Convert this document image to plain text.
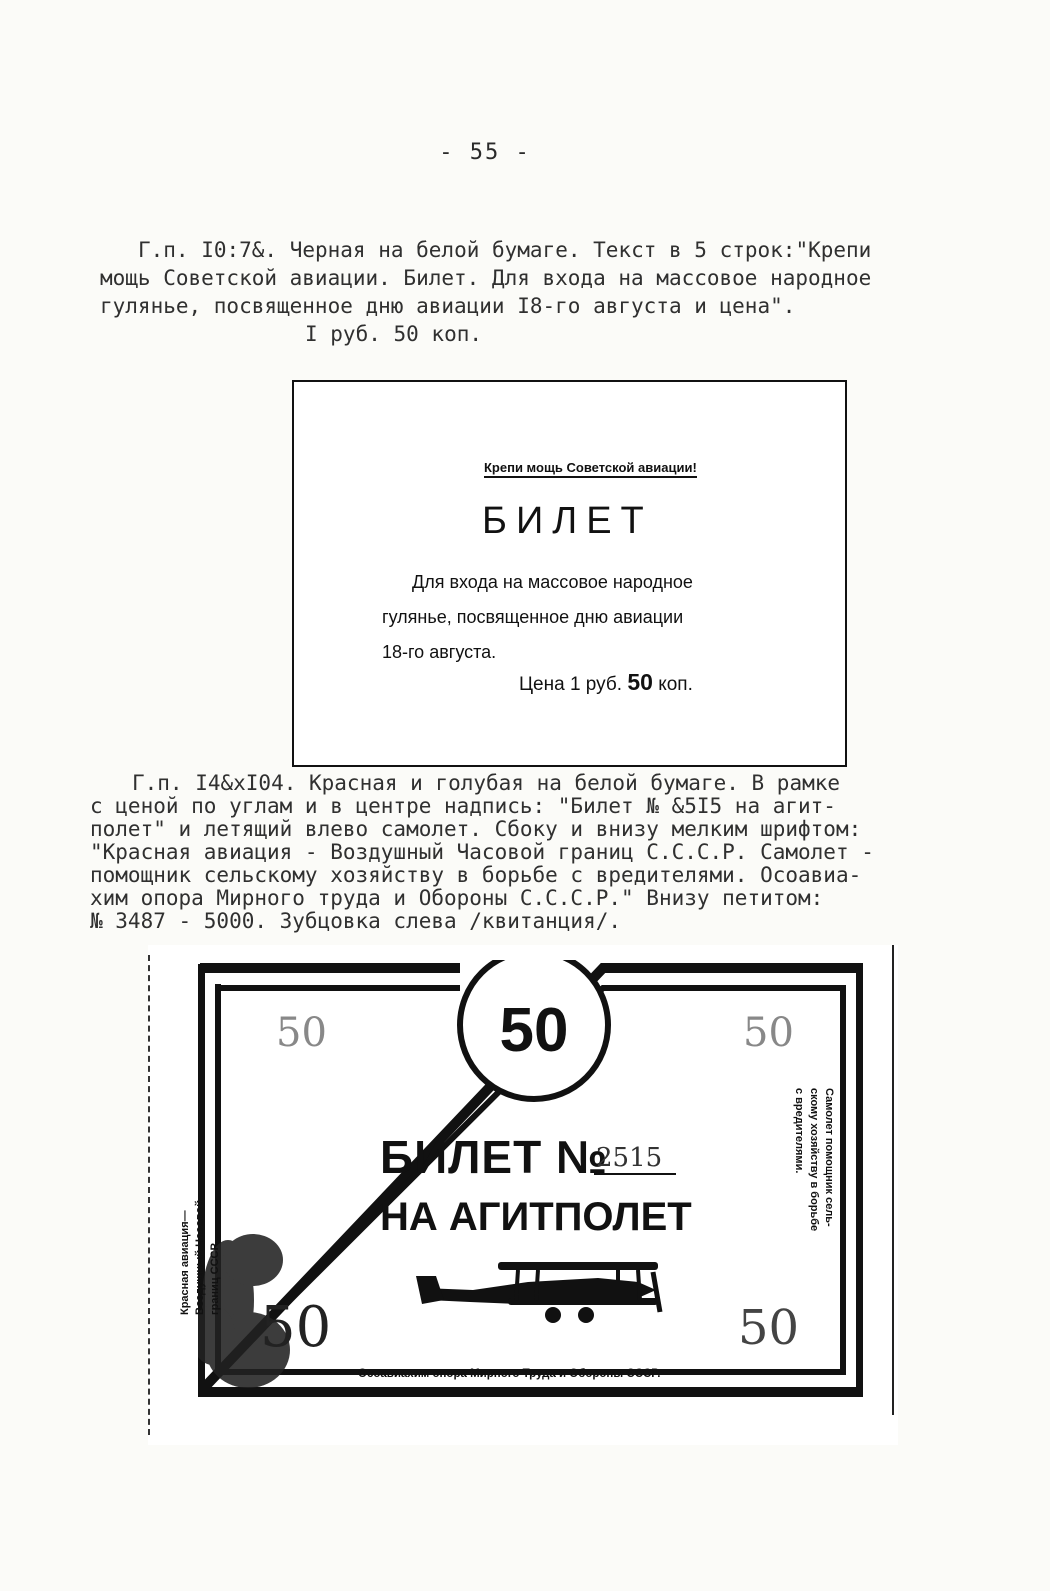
- 55 -
Г.п. I0:7&. Черная на белой бумаге. Текст в 5 строк:"Крепи
мощь Советской авиации. Билет. Для входа на массовое народное
гулянье, посвященное дню авиации I8-го августа и цена".
I руб. 50 коп.
Крепи мощь Советской авиации!
БИЛЕТ
Для входа на массовое народное
гулянье, посвященное дню авиации
18-го августа.
Цена 1 руб. 50 коп.
Г.п. I4&xI04. Красная и голубая на белой бумаге. В рамке
с ценой по углам и в центре надпись: "Билет № &5I5 на агит-
полет" и летящий влево самолет. Сбоку и внизу мелким шрифтом:
"Красная авиация - Воздушный Часовой границ С.С.С.Р. Самолет -
помощник сельскому хозяйству в борьбе с вредителями. Осоавиа-
хим опора Мирного труда и Обороны С.С.С.Р." Внизу петитом:
№ 3487 - 5000. Зубцовка слева /квитанция/.
50
50	50
50	50
БИЛЕТ №
2515
НА АГИТПОЛЕТ
Красная авиация— Воздушный Часовой границ СССР.
Самолет помощник сель-
скому хозяйству в борьбе
с вредителями.
Осоавиахим опора Мирного Труда и Обороны СССР.
